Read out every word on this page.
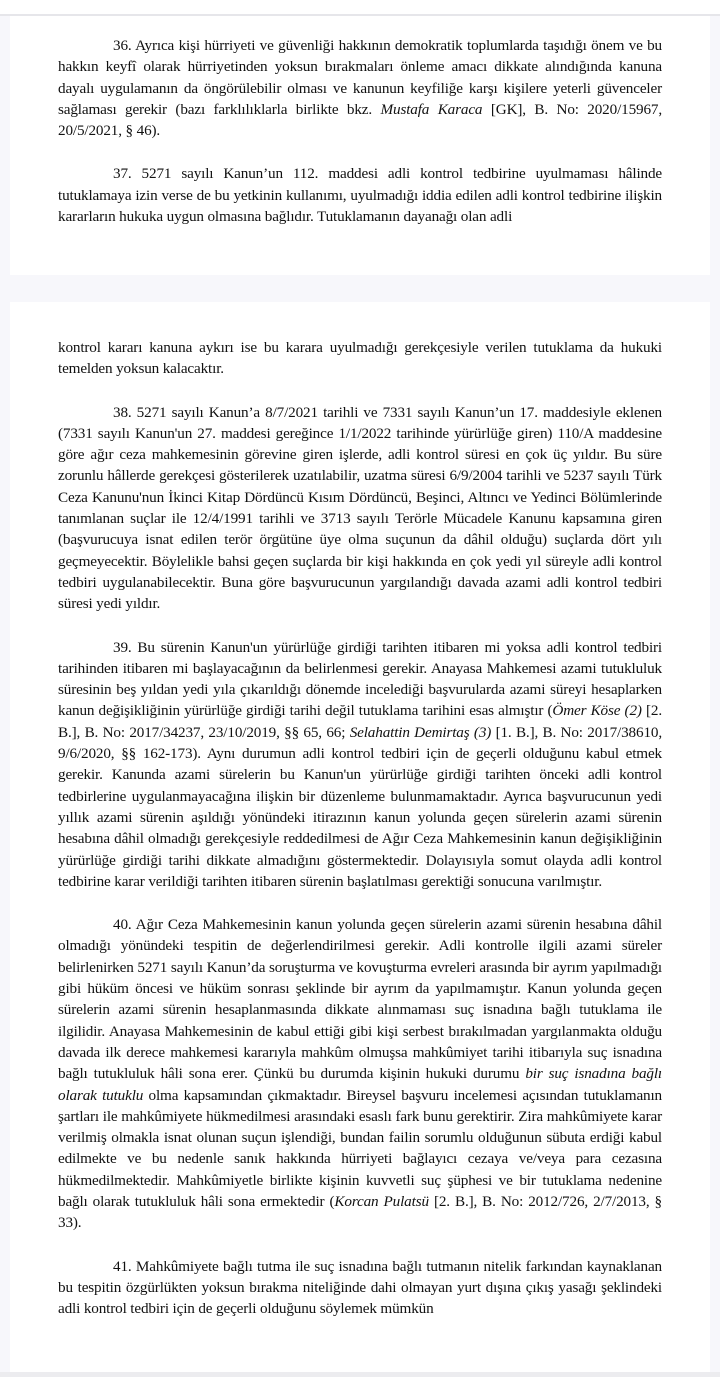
36. Ayrıca kişi hürriyeti ve güvenliği hakkının demokratik toplumlarda taşıdığı önem ve bu hakkın keyfî olarak hürriyetinden yoksun bırakmaları önleme amacı dikkate alındığında kanuna dayalı uygulamanın da öngörülebilir olması ve kanunun keyfiliğe karşı kişilere yeterli güvenceler sağlaması gerekir (bazı farklılıklarla birlikte bkz. Mustafa Karaca [GK], B. No: 2020/15967, 20/5/2021, § 46).

37. 5271 sayılı Kanun’un 112. maddesi adli kontrol tedbirine uyulmaması hâlinde tutuklamaya izin verse de bu yetkinin kullanımı, uyulmadığı iddia edilen adli kontrol tedbirine ilişkin kararların hukuka uygun olmasına bağlıdır. Tutuklamanın dayanağı olan adli

kontrol kararı kanuna aykırı ise bu karara uyulmadığı gerekçesiyle verilen tutuklama da hukuki temelden yoksun kalacaktır.

38. 5271 sayılı Kanun’a 8/7/2021 tarihli ve 7331 sayılı Kanun’un 17. maddesiyle eklenen (7331 sayılı Kanun'un 27. maddesi gereğince 1/1/2022 tarihinde yürürlüğe giren) 110/A maddesine göre ağır ceza mahkemesinin görevine giren işlerde, adli kontrol süresi en çok üç yıldır. Bu süre zorunlu hâllerde gerekçesi gösterilerek uzatılabilir, uzatma süresi 6/9/2004 tarihli ve 5237 sayılı Türk Ceza Kanunu'nun İkinci Kitap Dördüncü Kısım Dördüncü, Beşinci, Altıncı ve Yedinci Bölümlerinde tanımlanan suçlar ile 12/4/1991 tarihli ve 3713 sayılı Terörle Mücadele Kanunu kapsamına giren (başvurucuya isnat edilen terör örgütüne üye olma suçunun da dâhil olduğu) suçlarda dört yılı geçmeyecektir. Böylelikle bahsi geçen suçlarda bir kişi hakkında en çok yedi yıl süreyle adli kontrol tedbiri uygulanabilecektir. Buna göre başvurucunun yargılandığı davada azami adli kontrol tedbiri süresi yedi yıldır.

39. Bu sürenin Kanun'un yürürlüğe girdiği tarihten itibaren mi yoksa adli kontrol tedbiri tarihinden itibaren mi başlayacağının da belirlenmesi gerekir. Anayasa Mahkemesi azami tutukluluk süresinin beş yıldan yedi yıla çıkarıldığı dönemde incelediği başvurularda azami süreyi hesaplarken kanun değişikliğinin yürürlüğe girdiği tarihi değil tutuklama tarihini esas almıştır (Ömer Köse (2) [2. B.], B. No: 2017/34237, 23/10/2019, §§ 65, 66; Selahattin Demirtaş (3) [1. B.], B. No: 2017/38610, 9/6/2020, §§ 162-173). Aynı durumun adli kontrol tedbiri için de geçerli olduğunu kabul etmek gerekir. Kanunda azami sürelerin bu Kanun'un yürürlüğe girdiği tarihten önceki adli kontrol tedbirlerine uygulanmayacağına ilişkin bir düzenleme bulunmamaktadır. Ayrıca başvurucunun yedi yıllık azami sürenin aşıldığı yönündeki itirazının kanun yolunda geçen sürelerin azami sürenin hesabına dâhil olmadığı gerekçesiyle reddedilmesi de Ağır Ceza Mahkemesinin kanun değişikliğinin yürürlüğe girdiği tarihi dikkate almadığını göstermektedir. Dolayısıyla somut olayda adli kontrol tedbirine karar verildiği tarihten itibaren sürenin başlatılması gerektiği sonucuna varılmıştır.

40. Ağır Ceza Mahkemesinin kanun yolunda geçen sürelerin azami sürenin hesabına dâhil olmadığı yönündeki tespitin de değerlendirilmesi gerekir. Adli kontrolle ilgili azami süreler belirlenirken 5271 sayılı Kanun’da soruşturma ve kovuşturma evreleri arasında bir ayrım yapılmadığı gibi hüküm öncesi ve hüküm sonrası şeklinde bir ayrım da yapılmamıştır. Kanun yolunda geçen sürelerin azami sürenin hesaplanmasında dikkate alınmaması suç isnadına bağlı tutuklama ile ilgilidir. Anayasa Mahkemesinin de kabul ettiği gibi kişi serbest bırakılmadan yargılanmakta olduğu davada ilk derece mahkemesi kararıyla mahkûm olmuşsa mahkûmiyet tarihi itibarıyla suç isnadına bağlı tutukluluk hâli sona erer. Çünkü bu durumda kişinin hukuki durumu bir suç isnadına bağlı olarak tutuklu olma kapsamından çıkmaktadır. Bireysel başvuru incelemesi açısından tutuklamanın şartları ile mahkûmiyete hükmedilmesi arasındaki esaslı fark bunu gerektirir. Zira mahkûmiyete karar verilmiş olmakla isnat olunan suçun işlendiği, bundan failin sorumlu olduğunun sübuta erdiği kabul edilmekte ve bu nedenle sanık hakkında hürriyeti bağlayıcı cezaya ve/veya para cezasına hükmedilmektedir. Mahkûmiyetle birlikte kişinin kuvvetli suç şüphesi ve bir tutuklama nedenine bağlı olarak tutukluluk hâli sona ermektedir (Korcan Pulatsü [2. B.], B. No: 2012/726, 2/7/2013, § 33).

41. Mahkûmiyete bağlı tutma ile suç isnadına bağlı tutmanın nitelik farkından kaynaklanan bu tespitin özgürlükten yoksun bırakma niteliğinde dahi olmayan yurt dışına çıkış yasağı şeklindeki adli kontrol tedbiri için de geçerli olduğunu söylemek mümkün
